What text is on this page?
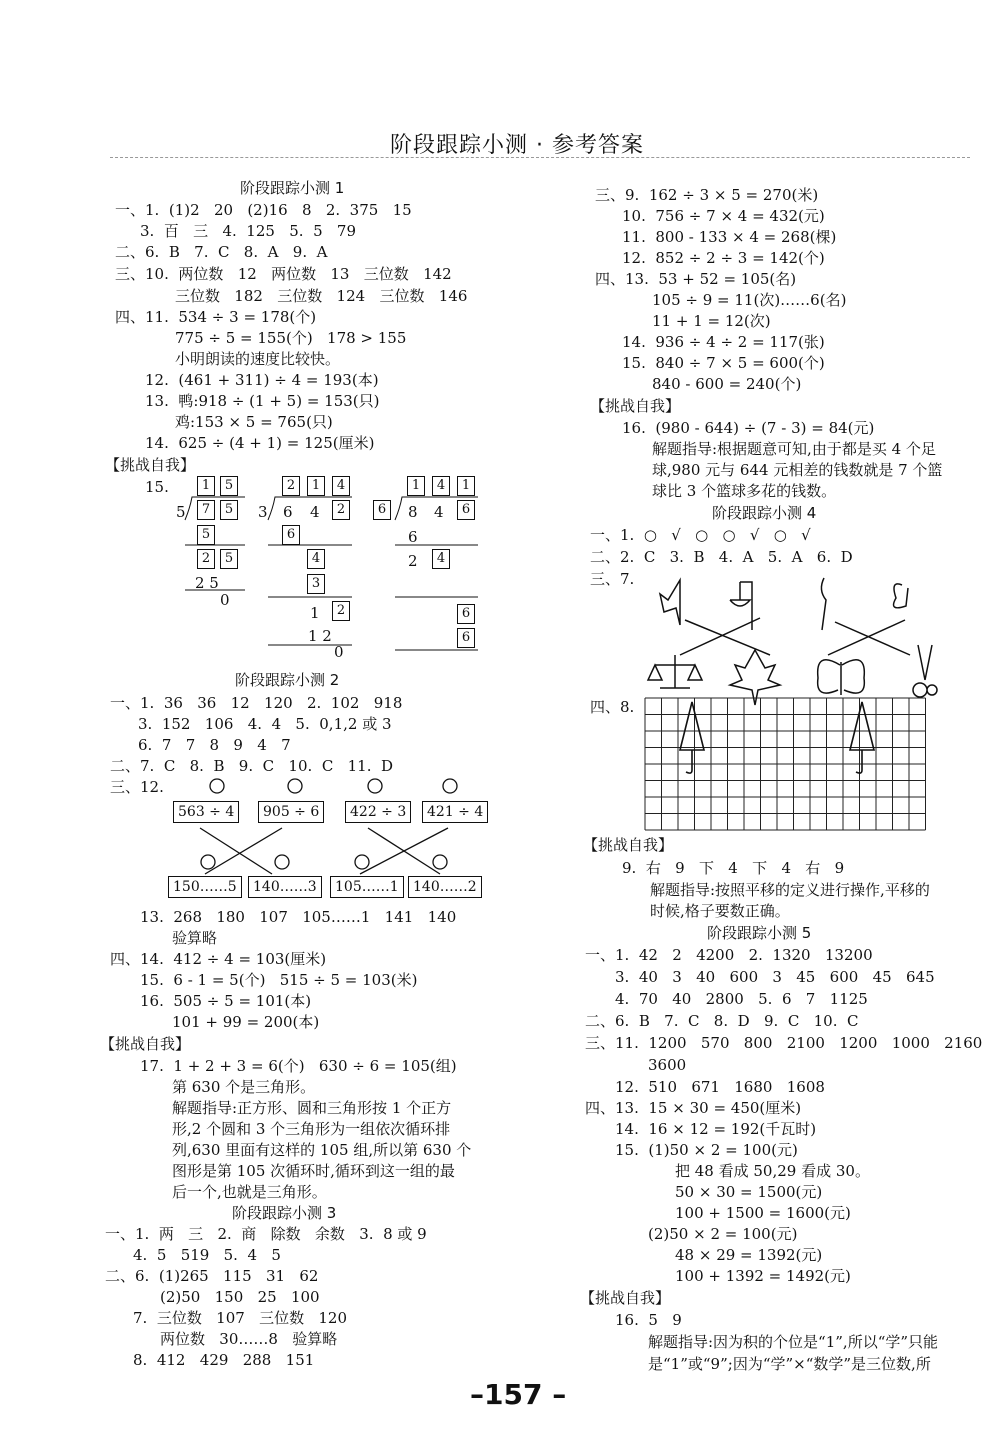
阶段跟踪小测 · 参考答案
阶段跟踪小测 1
一、1.  (1)2   20   (2)16   8   2.  375   15
3.  百   三   4.  125   5.  5   79
二、6.  B   7.  C   8.  A   9.  A
三、10.  两位数   12   两位数   13   三位数   142
三位数   182   三位数   124   三位数   146
四、11.  534 ÷ 3 = 178(个)
775 ÷ 5 = 155(个)   178 > 155
小明朗读的速度比较快。
12.  (461 + 311) ÷ 4 = 193(本)
13.  鸭:918 ÷ (1 + 5) = 153(只)
鸡:153 × 5 = 765(只)
14.  625 ÷ (4 + 1) = 125(厘米)
【挑战自我】
15.
阶段跟踪小测 2
一、1.  36   36   12   120   2.  102   918
3.  152   106   4.  4   5.  0,1,2 或 3
6.  7   7   8   9   4   7
二、7.  C   8.  B   9.  C   10.  C   11.  D
三、12.
13.  268   180   107   105……1   141   140
验算略
四、14.  412 ÷ 4 = 103(厘米)
15.  6 - 1 = 5(个)   515 ÷ 5 = 103(米)
16.  505 ÷ 5 = 101(本)
101 + 99 = 200(本)
【挑战自我】
17.  1 + 2 + 3 = 6(个)   630 ÷ 6 = 105(组)
第 630 个是三角形。
解题指导:正方形、圆和三角形按 1 个正方
形,2 个圆和 3 个三角形为一组依次循环排
列,630 里面有这样的 105 组,所以第 630 个
图形是第 105 次循环时,循环到这一组的最
后一个,也就是三角形。
阶段跟踪小测 3
一、1.  两   三   2.  商   除数   余数   3.  8 或 9
4.  5   519   5.  4   5
二、6.  (1)265   115   31   62
(2)50   150   25   100
7.  三位数   107   三位数   120
两位数   30……8   验算略
8.  412   429   288   151
三、9.  162 ÷ 3 × 5 = 270(米)
10.  756 ÷ 7 × 4 = 432(元)
11.  800 - 133 × 4 = 268(棵)
12.  852 ÷ 2 ÷ 3 = 142(个)
四、13.  53 + 52 = 105(名)
105 ÷ 9 = 11(次)……6(名)
11 + 1 = 12(次)
14.  936 ÷ 4 ÷ 2 = 117(张)
15.  840 ÷ 7 × 5 = 600(个)
840 - 600 = 240(个)
【挑战自我】
16.  (980 - 644) ÷ (7 - 3) = 84(元)
解题指导:根据题意可知,由于都是买 4 个足
球,980 元与 644 元相差的钱数就是 7 个篮
球比 3 个篮球多花的钱数。
阶段跟踪小测 4
一、1.  ○   √   ○   ○   √   ○   √
二、2.  C   3.  B   4.  A   5.  A   6.  D
三、7.
四、8.
【挑战自我】
9.  右   9   下   4   下   4   右   9
解题指导:按照平移的定义进行操作,平移的
时候,格子要数正确。
阶段跟踪小测 5
一、1.  42   2   4200   2.  1320   13200
3.  40   3   40   600   3   45   600   45   645
4.  70   40   2800   5.  6   7   1125
二、6.  B   7.  C   8.  D   9.  C   10.  C
三、11.  1200   570   800   2100   1200   1000   2160
3600
12.  510   671   1680   1608
四、13.  15 × 30 = 450(厘米)
14.  16 × 12 = 192(千瓦时)
15.  (1)50 × 2 = 100(元)
把 48 看成 50,29 看成 30。
50 × 30 = 1500(元)
100 + 1500 = 1600(元)
(2)50 × 2 = 100(元)
48 × 29 = 1392(元)
100 + 1392 = 1492(元)
【挑战自我】
16.  5   9
解题指导:因为积的个位是“1”,所以“学”只能
是“1”或“9”;因为“学”×“数学”是三位数,所
1	5
5	7	5
5
2	5
2 5
0
2	1	4
3 6 4	2
6
4
3
1	2
1 2
0
1	4	1
6	8 4	6
6
2	4
6
6
563 ÷ 4	905 ÷ 6	422 ÷ 3	421 ÷ 4
150……5	140……3	105……1	140……2
–157 –
